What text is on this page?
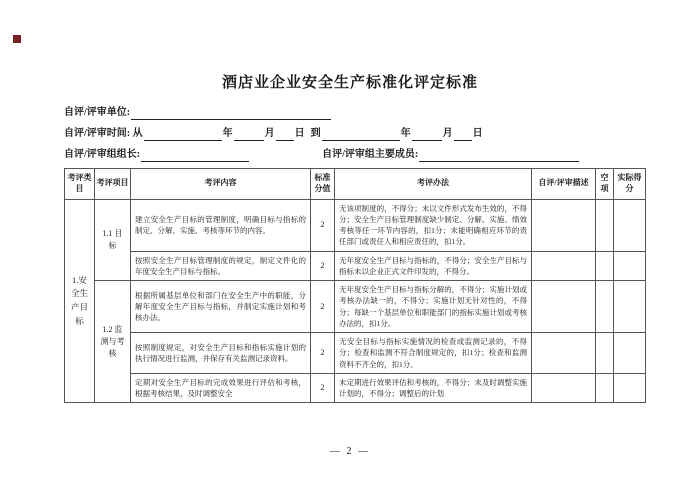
酒店业企业安全生产标准化评定标准
自评/评审单位:
自评/评审时间: 从	年	月 日 到	年	月 日
自评/评审组组长:	自评/评审组主要成员:
考评类目	考评项目	考评内容	标准分值	考评办法	自评/评审描述	空项	实际得分
1.安全生产目标	1.1 目标	建立安全生产目标的管理制度，明确目标与指标的制定、分解、实施、考核等环节的内容。	2	无该项制度的，不得分；未以文件形式发布生效的，不得分；安全生产目标管理制度缺少制定、分解、实施、绩效考核等任一环节内容的，扣1分；未能明确相应环节的责任部门或责任人和相应责任的，扣1分。			
		按照安全生产目标管理制度的规定，制定文件化的年度安全生产目标与指标。	2	无年度安全生产目标与指标的，不得分；安全生产目标与指标未以企业正式文件印发的，不得分。			
	1.2 监测与考核	根据所属基层单位和部门在安全生产中的职能，分解年度安全生产目标与指标，并制定实施计划和考核办法。	2	无年度安全生产目标与指标分解的，不得分；实施计划或考核办法缺一的，不得分；实施计划无针对性的，不得分；每缺一个基层单位和职能部门的指标实施计划或考核办法的，扣1分。			
		按照制度规定，对安全生产目标和指标实施计划的执行情况进行监测，并保存有关监测记录资料。	2	无安全目标与指标实施情况的检查或监测记录的，不得分；检查和监测不符合制度规定的，扣1分；检查和监测资料不齐全的，扣1分。			
		定期对安全生产目标的完成效果进行评估和考核，根据考核结果，及时调整安全	2	未定期进行效果评估和考核的，不得分；未及时调整实施计划的，不得分；调整后的计划			
— 2 —
